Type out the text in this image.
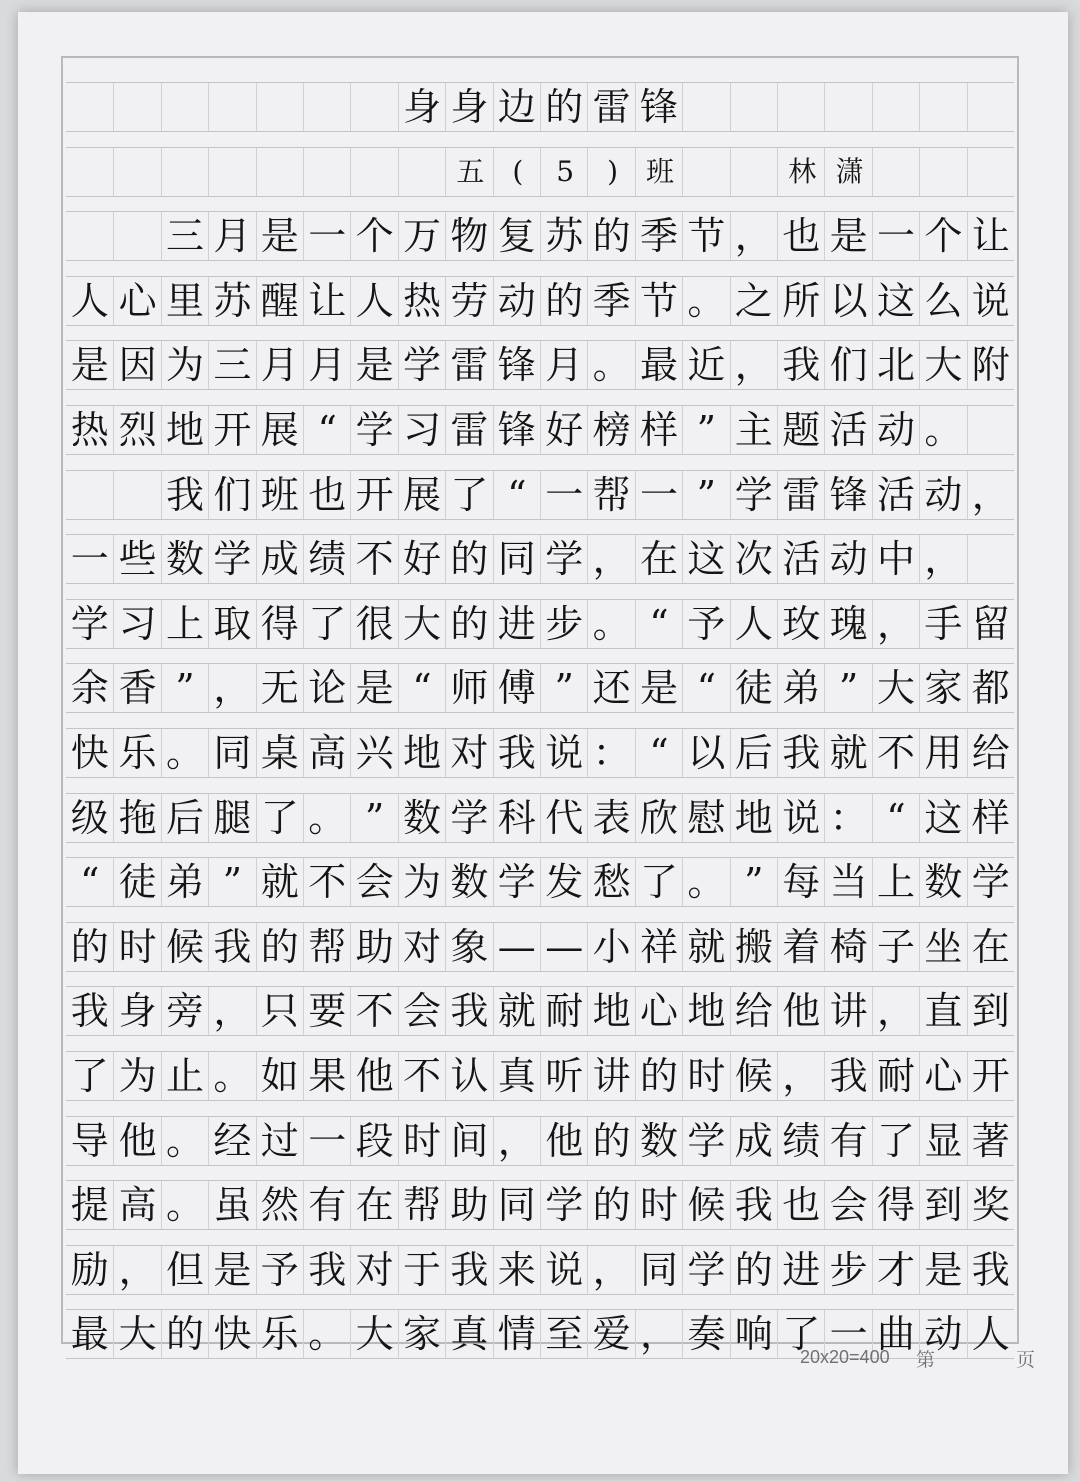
身 身 边 的 雷 锋
五	(	5	)	班	林 潇
三 月 是 一 个 万 物 复 苏 的 季 节 ， 也 是 一 个 让
人 心 里 苏 醒 让 人 热 劳 动 的 季 节 。 之 所 以 这 么 说
是 因 为 三 月 月 是 学 雷 锋 月 。 最 近 ， 我 们 北 大 附
热 烈 地 开 展 “ 学 习 雷 锋 好 榜 样 ” 主 题 活 动 。
我 们 班 也 开 展 了 “ 一 帮 一 ” 学 雷 锋 活 动 ，
一 些 数 学 成 绩 不 好 的 同 学 ， 在 这 次 活 动 中 ，
学 习 上 取 得 了 很 大 的 进 步 。 “ 予 人 玫 瑰 ， 手 留
余 香 ” ， 无 论 是 “ 师 傅 ” 还 是 “ 徒 弟 ” 大 家 都
快 乐 。 同 桌 高 兴 地 对 我 说 ： “ 以 后 我 就 不 用 给
级 拖 后 腿 了 。 ” 数 学 科 代 表 欣 慰 地 说 ： “ 这 样
“ 徒 弟 ” 就 不 会 为 数 学 发 愁 了 。 ” 每 当 上 数 学
的 时 候 我 的 帮 助 对 象 — — 小 祥 就 搬 着 椅 子 坐 在
我 身 旁 ， 只 要 不 会 我 就 耐 地 心 地 给 他 讲 ， 直 到
了 为 止 。 如 果 他 不 认 真 听 讲 的 时 候 ， 我 耐 心 开
导 他 。 经 过 一 段 时 间 ， 他 的 数 学 成 绩 有 了 显 著
提 高 。 虽 然 有 在 帮 助 同 学 的 时 候 我 也 会 得 到 奖
励 ， 但 是 予 我 对 于 我 来 说 ， 同 学 的 进 步 才 是 我
最 大 的 快 乐 。 大 家 真 情 至 爱 ， 奏 响 了 一 曲 动 人
20x20=400 第	页
